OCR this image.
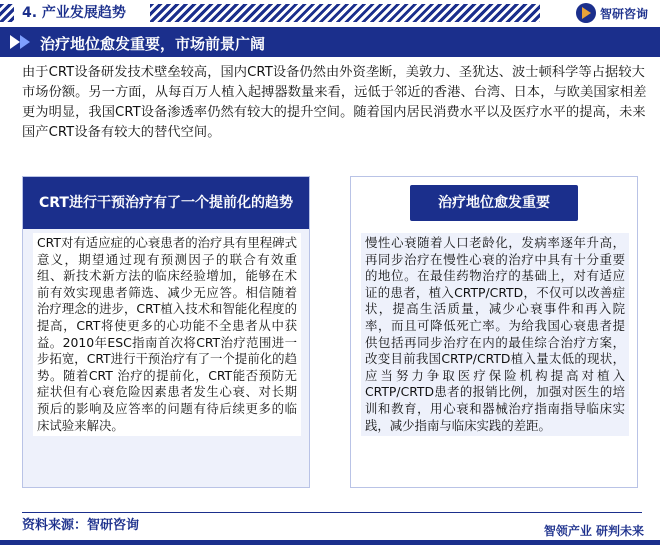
4. 产业发展趋势	智研咨询
治疗地位愈发重要，市场前景广阔
由于CRT设备研发技术壁垒较高，国内CRT设备仍然由外资垄断，美敦力、圣犹达、波士顿科学等占据较大市场份额。另一方面，从每百万人植入起搏器数量来看，远低于邻近的香港、台湾、日本，与欧美国家相差更为明显，我国CRT设备渗透率仍然有较大的提升空间。随着国内居民消费水平以及医疗水平的提高，未来国产CRT设备有较大的替代空间。
CRT进行干预治疗有了一个提前化的趋势
CRT对有适应症的心衰患者的治疗具有里程碑式意义，期望通过现有预测因子的联合有效重组、新技术新方法的临床经验增加，能够在术前有效实现患者筛选、减少无应答。相信随着治疗理念的进步，CRT植入技术和智能化程度的提高，CRT将使更多的心功能不全患者从中获益。2010年ESC指南首次将CRT治疗范围进一步拓宽，CRT进行干预治疗有了一个提前化的趋势。随着CRT 治疗的提前化，CRT能否预防无症状但有心衰危险因素患者发生心衰、对长期预后的影响及应答率的问题有待后续更多的临床试验来解决。
治疗地位愈发重要
慢性心衰随着人口老龄化，发病率逐年升高，再同步治疗在慢性心衰的治疗中具有十分重要的地位。在最佳药物治疗的基础上，对有适应证的患者，植入CRTP/CRTD，不仅可以改善症状，提高生活质量，减少心衰事件和再入院率，而且可降低死亡率。为给我国心衰患者提供包括再同步治疗在内的最佳综合治疗方案，改变目前我国CRTP/CRTD植入量太低的现状，应当努力争取医疗保险机构提高对植入CRTP/CRTD患者的报销比例，加强对医生的培训和教育，用心衰和器械治疗指南指导临床实践，减少指南与临床实践的差距。
资料来源：智研咨询	智领产业 研判未来
